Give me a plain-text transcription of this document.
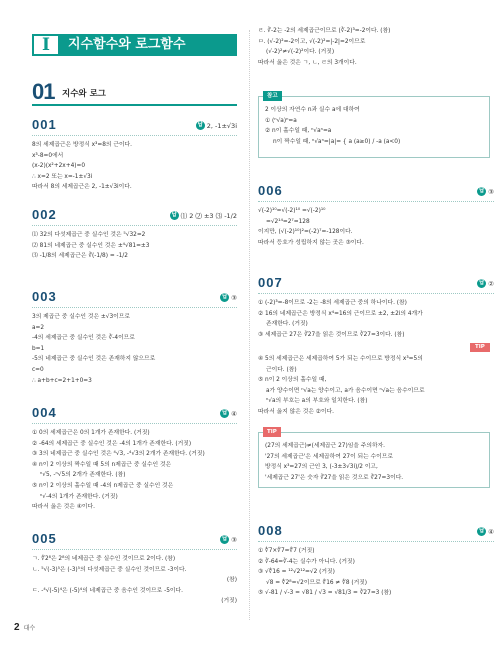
I	지수함수와 로그함수
01 지수와 로그
001	답 2, -1±√3i
8의 세제곱근은 방정식 x³=8의 근이다.
x³-8=0에서
(x-2)(x²+2x+4)=0
∴ x=2 또는 x=-1±√3i
따라서 8의 세제곱근은 2, -1±√3i이다.
002	답 ⑴ 2 ⑵ ±3 ⑶ -1/2
⑴ 32의 다섯제곱근 중 실수인 것은 ⁵√32=2
⑵ 81의 네제곱근 중 실수인 것은 ±⁴√81=±3
⑶ -1/8의 세제곱근은 ∛(-1/8) = -1/2
003	답 ③
3의 제곱근 중 실수인 것은 ±√3이므로
a=2
-4의 세제곱근 중 실수인 것은 ∛-4이므로
b=1
-5의 네제곱근 중 실수인 것은 존재하지 않으므로
c=0
∴ a+b+c=2+1+0=3
004	답 ④
① 0의 세제곱근은 0의 1개가 존재한다. (거짓)
② -64의 세제곱근 중 실수인 것은 -4의 1개가 존재한다. (거짓)
③ 3의 네제곱근 중 실수인 것은 ⁴√3, -⁴√3의 2개가 존재한다. (거짓)
④ n이 2 이상의 짝수일 때 5의 n제곱근 중 실수인 것은
ⁿ√5, -ⁿ√5의 2개가 존재한다. (참)
⑤ n이 2 이상의 홀수일 때 -4의 n제곱근 중 실수인 것은
ⁿ√-4의 1개가 존재한다. (거짓)
따라서 옳은 것은 ④이다.
005	답 ③
ㄱ. ∜2⁸은 2⁸의 네제곱근 중 실수인 것이므로 2이다. (참)
ㄴ. ⁵√(-3)⁵은 (-3)⁵의 다섯제곱근 중 실수인 것이므로 -3이다.
(참)
ㄷ. -⁴√(-5)⁴은 (-5)⁴의 네제곱근 중 음수인 것이므로 -5이다.
(거짓)
2 대수
ㄹ. ∛-2는 -2의 세제곱근이므로 (∛-2)³=-2이다. (참)
ㅁ. (√-2)²=-2이고, √(-2)²=|-2|=2이므로
(√-2)²≠√(-2)²이다. (거짓)
따라서 옳은 것은 ㄱ, ㄴ, ㄹ의 3개이다.
참고
2 이상의 자연수 n과 실수 a에 대하여
① (ⁿ√a)ⁿ=a
② n이 홀수일 때, ⁿ√aⁿ=a
n이 짝수일 때, ⁿ√aⁿ=|a|= { a (a≥0) / -a (a<0)
006	답 ③
√(-2)¹⁰=√(-2)¹⁰ =√(-2)¹⁰
=√2¹⁴=2⁷=128
이지만, (√(-2)¹⁰)²=(-2)⁷=-128이다.
따라서 등호가 성립하지 않는 곳은 ③이다.
007	답 ②
① (-2)³=-8이므로 -2는 -8의 세제곱근 중의 하나이다. (참)
② 16의 네제곱근은 방정식 x⁴=16의 근이므로 ±2, ±2i의 4개가
존재한다. (거짓)
③ 세제곱근 27은 ∛27을 읽은 것이므로 ∛27=3이다. (참)
TIP
④ 5의 세제곱근은 세제곱하여 5가 되는 수이므로 방정식 x³=5의
근이다. (참)
⑤ n이 2 이상의 홀수일 때,
a가 양수이면 ⁿ√a는 양수이고, a가 음수이면 ⁿ√a는 음수이므로
ⁿ√a의 부호는 a의 부호와 일치한다. (참)
따라서 옳지 않은 것은 ②이다.
TIP
(27의 세제곱근)≠(세제곱근 27)임을 주의하자.
'27의 세제곱근'은 세제곱하여 27이 되는 수이므로
방정식 x³=27의 근인 3, (-3±3√3i)/2 이고,
'세제곱근 27'은 숫자 ∛27을 읽은 것으로 ∛27=3이다.
008	답 ④
① ∜7×∜7=∜7 (거짓)
② ∛-64=∛-4는 실수가 아니다. (거짓)
③ √∜16 = ¹²√2¹²=√2 (거짓)
√8 = ∜2⁸=√2이므로 ∜16 ≠ ∜8 (거짓)
⑤ √-81 / √-3 = √81 / √3 = √81/3 = ∛27=3 (참)
